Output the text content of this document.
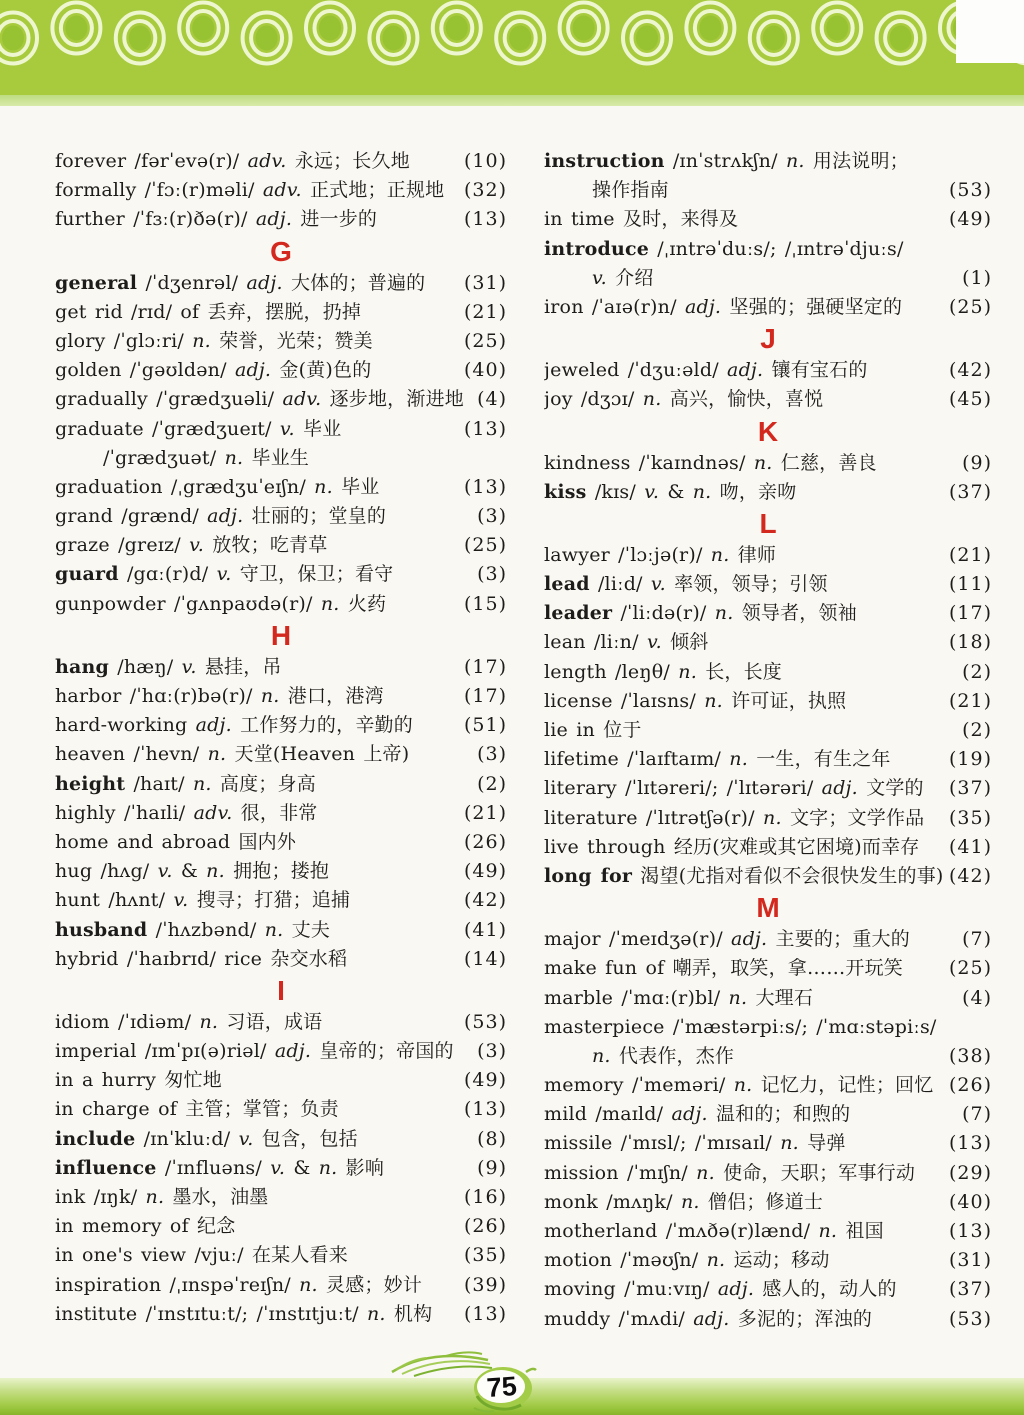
forever /fərˈevə(r)/ adv. 永远；长久地	(10)
formally /ˈfɔː(r)məli/ adv. 正式地；正规地	(32)
further /ˈfɜː(r)ðə(r)/ adj. 进一步的	(13)
G
general /ˈdʒenrəl/ adj. 大体的；普遍的	(31)
get rid /rɪd/ of 丢弃，摆脱，扔掉	(21)
glory /ˈglɔːri/ n. 荣誉，光荣；赞美	(25)
golden /ˈgəʊldən/ adj. 金(黄)色的	(40)
gradually /ˈgrædʒuəli/ adv. 逐步地，渐进地 (4)
graduate /ˈgrædʒueɪt/ v. 毕业	(13)
/ˈgrædʒuət/ n. 毕业生
graduation /ˌgrædʒuˈeɪʃn/ n. 毕业	(13)
grand /grænd/ adj. 壮丽的；堂皇的	(3)
graze /greɪz/ v. 放牧；吃青草	(25)
guard /gɑː(r)d/ v. 守卫，保卫；看守	(3)
gunpowder /ˈgʌnpaʊdə(r)/ n. 火药	(15)
H
hang /hæŋ/ v. 悬挂，吊	(17)
harbor /ˈhɑː(r)bə(r)/ n. 港口，港湾	(17)
hard-working adj. 工作努力的，辛勤的	(51)
heaven /ˈhevn/ n. 天堂(Heaven 上帝)	(3)
height /haɪt/ n. 高度；身高	(2)
highly /ˈhaɪli/ adv. 很，非常	(21)
home and abroad 国内外	(26)
hug /hʌg/ v. & n. 拥抱；搂抱	(49)
hunt /hʌnt/ v. 搜寻；打猎；追捕	(42)
husband /ˈhʌzbənd/ n. 丈夫	(41)
hybrid /ˈhaɪbrɪd/ rice 杂交水稻	(14)
I
idiom /ˈɪdiəm/ n. 习语，成语	(53)
imperial /ɪmˈpɪ(ə)riəl/ adj. 皇帝的；帝国的	(3)
in a hurry 匆忙地	(49)
in charge of 主管；掌管；负责	(13)
include /ɪnˈkluːd/ v. 包含，包括	(8)
influence /ˈɪnfluəns/ v. & n. 影响	(9)
ink /ɪŋk/ n. 墨水，油墨	(16)
in memory of 纪念	(26)
in one's view /vjuː/ 在某人看来	(35)
inspiration /ˌɪnspəˈreɪʃn/ n. 灵感；妙计	(39)
institute /ˈɪnstɪtuːt/; /ˈɪnstɪtjuːt/ n. 机构	(13)
instruction /ɪnˈstrʌkʃn/ n. 用法说明；
操作指南	(53)
in time 及时，来得及	(49)
introduce /ˌɪntrəˈduːs/; /ˌɪntrəˈdjuːs/
v. 介绍	(1)
iron /ˈaɪə(r)n/ adj. 坚强的；强硬坚定的	(25)
J
jeweled /ˈdʒuːəld/ adj. 镶有宝石的	(42)
joy /dʒɔɪ/ n. 高兴，愉快，喜悦	(45)
K
kindness /ˈkaɪndnəs/ n. 仁慈，善良	(9)
kiss /kɪs/ v. & n. 吻，亲吻	(37)
L
lawyer /ˈlɔːjə(r)/ n. 律师	(21)
lead /liːd/ v. 率领，领导；引领	(11)
leader /ˈliːdə(r)/ n. 领导者，领袖	(17)
lean /liːn/ v. 倾斜	(18)
length /leŋθ/ n. 长，长度	(2)
license /ˈlaɪsns/ n. 许可证，执照	(21)
lie in 位于	(2)
lifetime /ˈlaɪftaɪm/ n. 一生，有生之年	(19)
literary /ˈlɪtəreri/; /ˈlɪtərəri/ adj. 文学的	(37)
literature /ˈlɪtrətʃə(r)/ n. 文字；文学作品	(35)
live through 经历(灾难或其它困境)而幸存	(41)
long for 渴望(尤指对看似不会很快发生的事) (42)
M
major /ˈmeɪdʒə(r)/ adj. 主要的；重大的	(7)
make fun of 嘲弄，取笑，拿……开玩笑	(25)
marble /ˈmɑː(r)bl/ n. 大理石	(4)
masterpiece /ˈmæstərpiːs/; /ˈmɑːstəpiːs/
n. 代表作，杰作	(38)
memory /ˈmeməri/ n. 记忆力，记性；回忆 (26)
mild /maɪld/ adj. 温和的；和煦的	(7)
missile /ˈmɪsl/; /ˈmɪsaɪl/ n. 导弹	(13)
mission /ˈmɪʃn/ n. 使命，天职；军事行动	(29)
monk /mʌŋk/ n. 僧侣；修道士	(40)
motherland /ˈmʌðə(r)lænd/ n. 祖国	(13)
motion /ˈməʊʃn/ n. 运动；移动	(31)
moving /ˈmuːvɪŋ/ adj. 感人的，动人的	(37)
muddy /ˈmʌdi/ adj. 多泥的；浑浊的	(53)
75
